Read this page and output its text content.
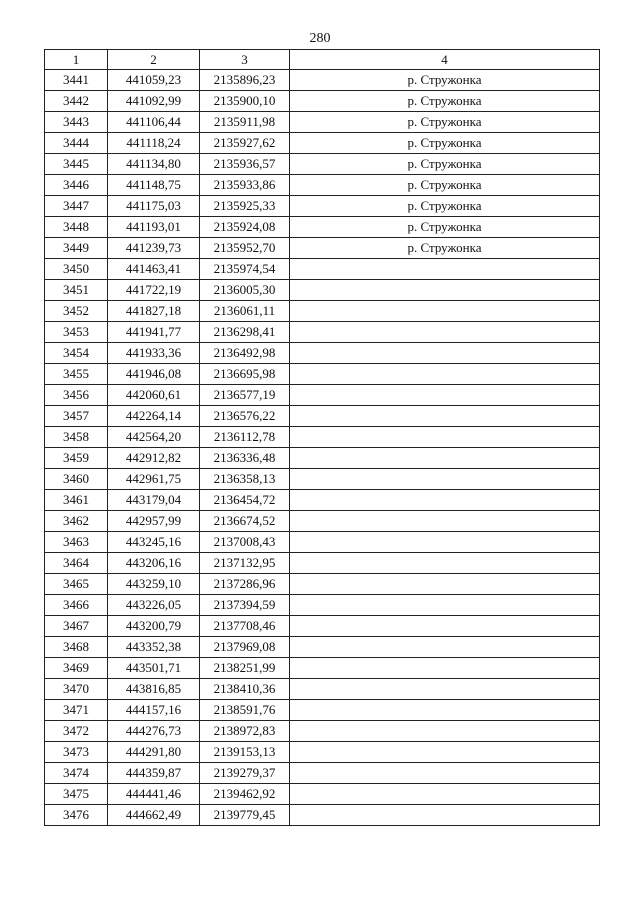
280
1	2	3	4
3441	441059,23	2135896,23	р. Стружонка
3442	441092,99	2135900,10	р. Стружонка
3443	441106,44	2135911,98	р. Стружонка
3444	441118,24	2135927,62	р. Стружонка
3445	441134,80	2135936,57	р. Стружонка
3446	441148,75	2135933,86	р. Стружонка
3447	441175,03	2135925,33	р. Стружонка
3448	441193,01	2135924,08	р. Стружонка
3449	441239,73	2135952,70	р. Стружонка
3450	441463,41	2135974,54	
3451	441722,19	2136005,30	
3452	441827,18	2136061,11	
3453	441941,77	2136298,41	
3454	441933,36	2136492,98	
3455	441946,08	2136695,98	
3456	442060,61	2136577,19	
3457	442264,14	2136576,22	
3458	442564,20	2136112,78	
3459	442912,82	2136336,48	
3460	442961,75	2136358,13	
3461	443179,04	2136454,72	
3462	442957,99	2136674,52	
3463	443245,16	2137008,43	
3464	443206,16	2137132,95	
3465	443259,10	2137286,96	
3466	443226,05	2137394,59	
3467	443200,79	2137708,46	
3468	443352,38	2137969,08	
3469	443501,71	2138251,99	
3470	443816,85	2138410,36	
3471	444157,16	2138591,76	
3472	444276,73	2138972,83	
3473	444291,80	2139153,13	
3474	444359,87	2139279,37	
3475	444441,46	2139462,92	
3476	444662,49	2139779,45	
